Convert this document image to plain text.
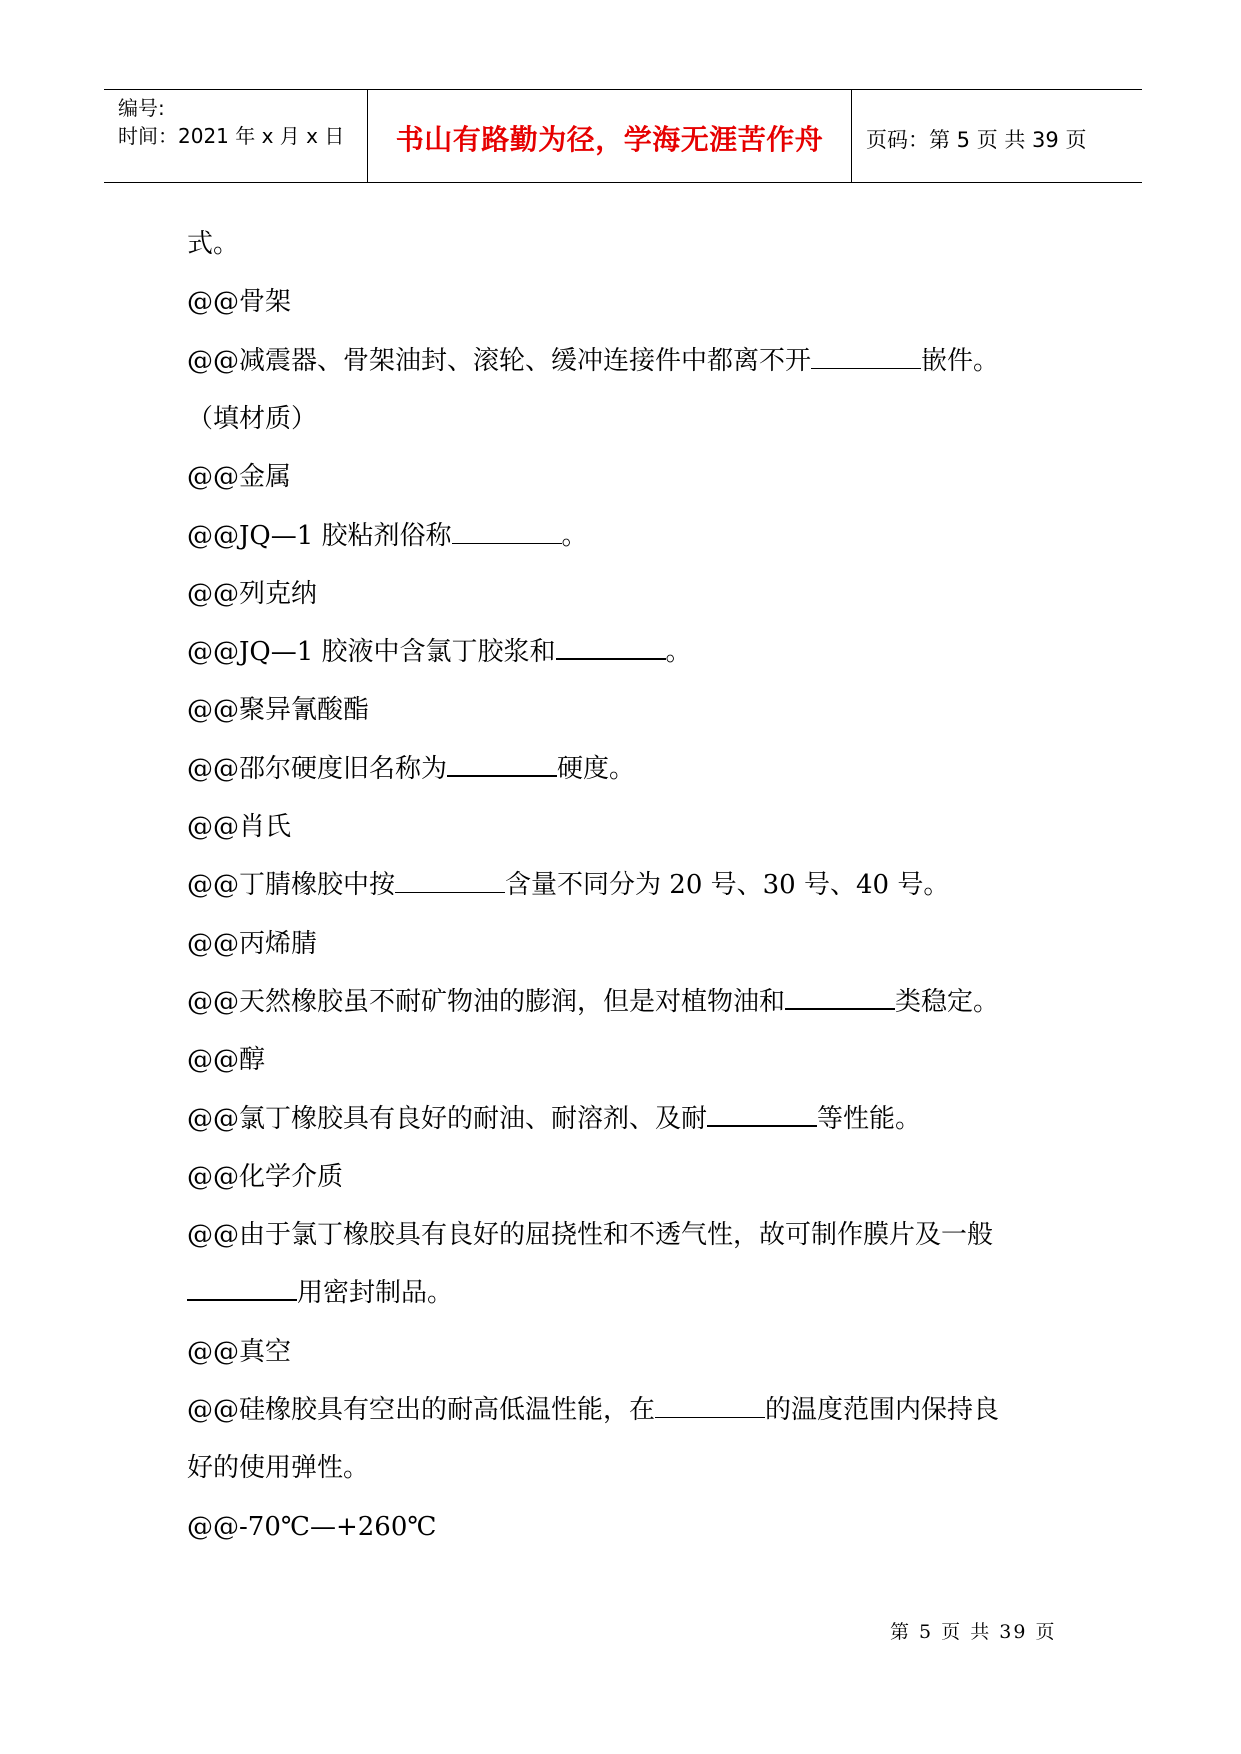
编号:
时间：2021 年 x 月 x 日	书山有路勤为径，学海无涯苦作舟	页码：第 5 页 共 39 页
式。
@@骨架
@@减震器、骨架油封、滚轮、缓冲连接件中都离不开	嵌件。
（填材质）
@@金属
@@JQ—1 胶粘剂俗称	。
@@列克纳
@@JQ—1 胶液中含氯丁胶浆和	。
@@聚异氰酸酯
@@邵尔硬度旧名称为	硬度。
@@肖氏
@@丁腈橡胶中按	含量不同分为 20 号、30 号、40 号。
@@丙烯腈
@@天然橡胶虽不耐矿物油的膨润，但是对植物油和	类稳定。
@@醇
@@氯丁橡胶具有良好的耐油、耐溶剂、及耐	等性能。
@@化学介质
@@由于氯丁橡胶具有良好的屈挠性和不透气性，故可制作膜片及一般
用密封制品。
@@真空
@@硅橡胶具有空出的耐高低温性能，在	的温度范围内保持良
好的使用弹性。
@@-70℃—+260℃
第 5 页 共 39 页
